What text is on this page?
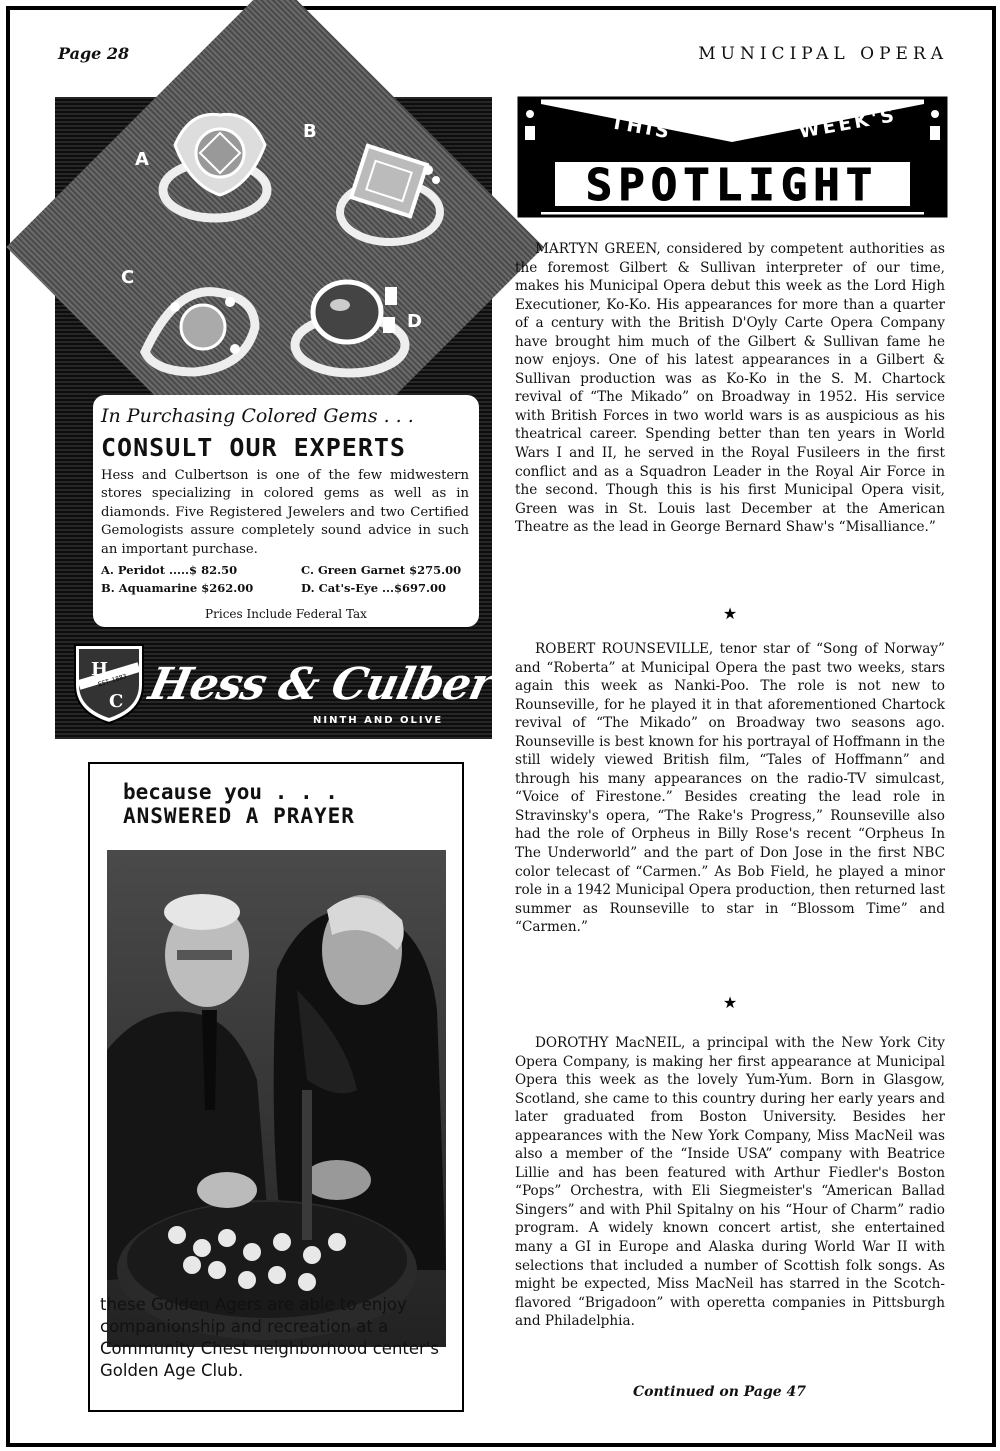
Page 28	MUNICIPAL OPERA
A
B
C
D
In Purchasing Colored Gems . . .
CONSULT OUR EXPERTS
Hess and Culbertson is one of the few midwestern stores specializing in colored gems as well as in diamonds. Five Registered Jewelers and two Certified Gemologists assure completely sound advice in such an important purchase.
A. Peridot .....$ 82.50	C. Green Garnet $275.00
B. Aquamarine $262.00	D. Cat's-Eye ...$697.00
Prices Include Federal Tax
H
C
EST. 1883 Hess & Culbertson
NINTH AND OLIVE
because you . . .
ANSWERED A PRAYER
these Golden Agers are able to enjoy companionship and recreation at a Community Chest neighborhood center's Golden Age Club.
THIS	WEEK'S
SPOTLIGHT

MARTYN GREEN, considered by competent authorities as the foremost Gilbert & Sullivan interpreter of our time, makes his Municipal Opera debut this week as the Lord High Executioner, Ko-Ko. His appearances for more than a quarter of a century with the British D'Oyly Carte Opera Company have brought him much of the Gilbert & Sullivan fame he now enjoys. One of his latest appearances in a Gilbert & Sullivan production was as Ko-Ko in the S. M. Chartock revival of “The Mikado” on Broadway in 1952. His service with British Forces in two world wars is as auspicious as his theatrical career. Spending better than ten years in World Wars I and II, he served in the Royal Fusileers in the first conflict and as a Squadron Leader in the Royal Air Force in the second. Though this is his first Municipal Opera visit, Green was in St. Louis last December at the American Theatre as the lead in George Bernard Shaw's “Misalliance.”

★

ROBERT ROUNSEVILLE, tenor star of “Song of Norway” and “Roberta” at Municipal Opera the past two weeks, stars again this week as Nanki-Poo. The role is not new to Rounseville, for he played it in that aforementioned Chartock revival of “The Mikado” on Broadway two seasons ago. Rounseville is best known for his portrayal of Hoffmann in the still widely viewed British film, “Tales of Hoffmann” and through his many appearances on the radio-TV simulcast, “Voice of Firestone.” Besides creating the lead role in Stravinsky's opera, “The Rake's Progress,” Rounseville also had the role of Orpheus in Billy Rose's recent “Orpheus In The Underworld” and the part of Don Jose in the first NBC color telecast of “Carmen.” As Bob Field, he played a minor role in a 1942 Municipal Opera production, then returned last summer as Rounseville to star in “Blossom Time” and “Carmen.”

★

DOROTHY MacNEIL, a principal with the New York City Opera Company, is making her first appearance at Municipal Opera this week as the lovely Yum-Yum. Born in Glasgow, Scotland, she came to this country during her early years and later graduated from Boston University. Besides her appearances with the New York Company, Miss MacNeil was also a member of the “Inside USA” company with Beatrice Lillie and has been featured with Arthur Fiedler's Boston “Pops” Orchestra, with Eli Siegmeister's “American Ballad Singers” and with Phil Spitalny on his “Hour of Charm” radio program. A widely known concert artist, she entertained many a GI in Europe and Alaska during World War II with selections that included a number of Scottish folk songs. As might be expected, Miss MacNeil has starred in the Scotch-flavored “Brigadoon” with operetta companies in Pittsburgh and Philadelphia.

Continued on Page 47
